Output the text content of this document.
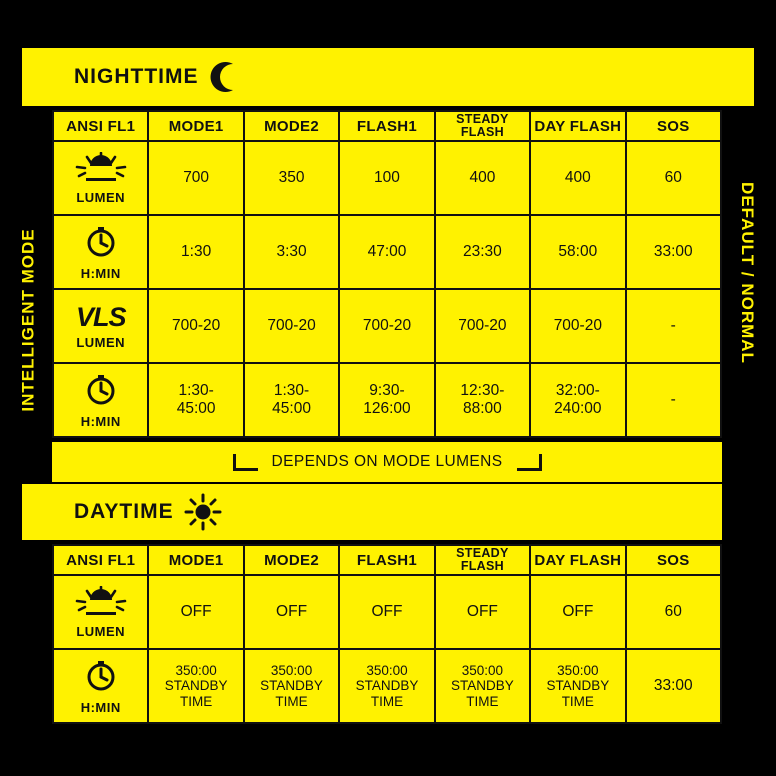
INTELLIGENT MODE	DEFAULT / NORMAL
NIGHTTIME
ANSI FL1	MODE1	MODE2	FLASH1	STEADY
FLASH	DAY FLASH	SOS

LUMEN	700	350	100	400	400	60

H:MIN	1:30	3:30	47:00	23:30	58:00	33:00

VLS
LUMEN	700-20	700-20	700-20	700-20	700-20	-

H:MIN	1:30-
45:00	1:30-
45:00	9:30-
126:00	12:30-
88:00	32:00-
240:00	-
DEPENDS ON MODE LUMENS
DAYTIME
ANSI FL1	MODE1	MODE2	FLASH1	STEADY
FLASH	DAY FLASH	SOS

LUMEN	OFF	OFF	OFF	OFF	OFF	60

H:MIN	350:00
STANDBY TIME	350:00
STANDBY TIME	350:00
STANDBY TIME	350:00
STANDBY TIME	350:00
STANDBY TIME	33:00
